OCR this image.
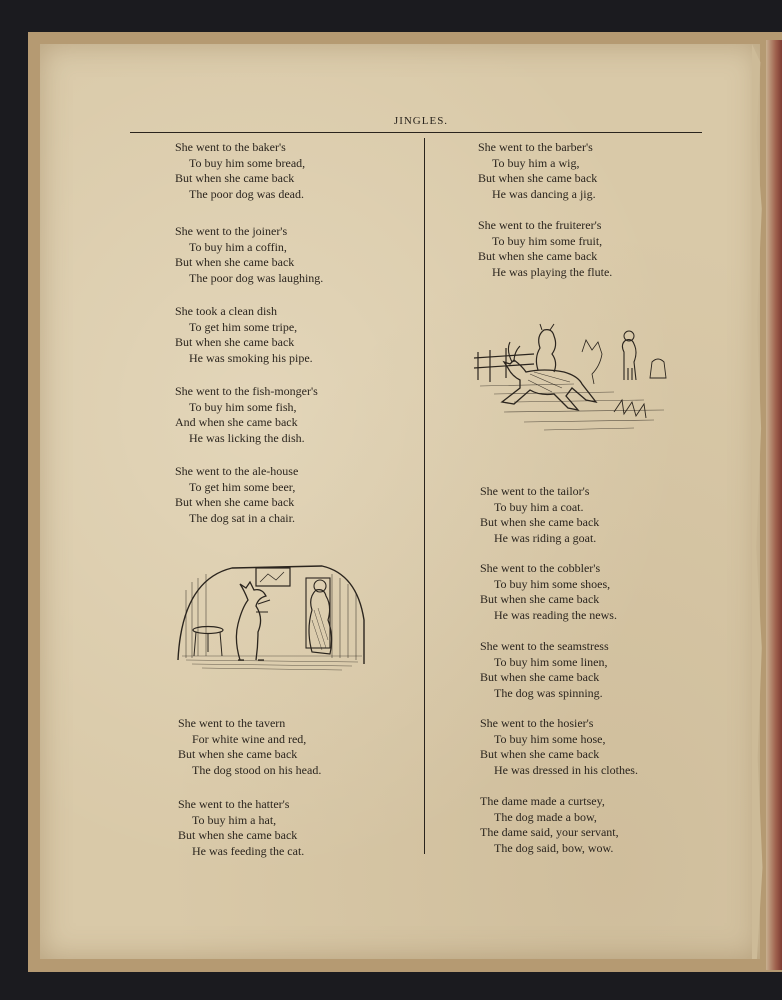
JINGLES.
She went to the baker's
To buy him some bread,
But when she came back
The poor dog was dead.
She went to the joiner's
To buy him a coffin,
But when she came back
The poor dog was laughing.
She took a clean dish
To get him some tripe,
But when she came back
He was smoking his pipe.
She went to the fish-monger's
To buy him some fish,
And when she came back
He was licking the dish.
She went to the ale-house
To get him some beer,
But when she came back
The dog sat in a chair.
She went to the tavern
For white wine and red,
But when she came back
The dog stood on his head.
She went to the hatter's
To buy him a hat,
But when she came back
He was feeding the cat.
She went to the barber's
To buy him a wig,
But when she came back
He was dancing a jig.
She went to the fruiterer's
To buy him some fruit,
But when she came back
He was playing the flute.
She went to the tailor's
To buy him a coat.
But when she came back
He was riding a goat.
She went to the cobbler's
To buy him some shoes,
But when she came back
He was reading the news.
She went to the seamstress
To buy him some linen,
But when she came back
The dog was spinning.
She went to the hosier's
To buy him some hose,
But when she came back
He was dressed in his clothes.
The dame made a curtsey,
The dog made a bow,
The dame said, your servant,
The dog said, bow, wow.
